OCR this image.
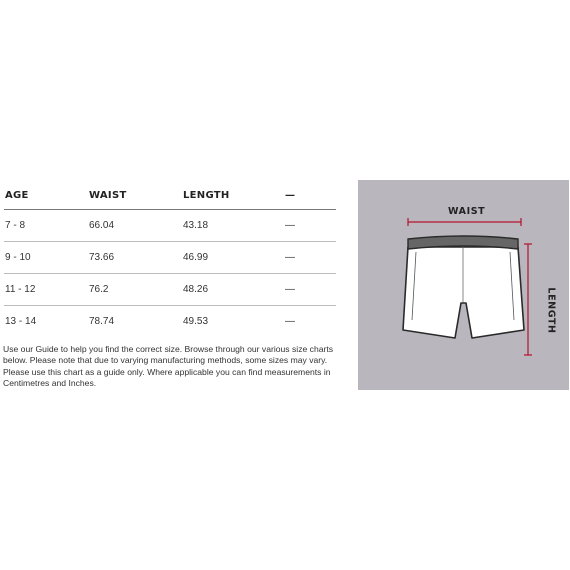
AGE	WAIST	LENGTH	—
7 - 8	66.04	43.18	—
9 - 10	73.66	46.99	—
11 - 12	76.2	48.26	—
13 - 14	78.74	49.53	—

Use our Guide to help you find the correct size. Browse through our various size charts below. Please note that due to varying manufacturing methods, some sizes may vary. Please use this chart as a guide only. Where applicable you can find measurements in Centimetres and Inches.

WAIST
LENGTH
